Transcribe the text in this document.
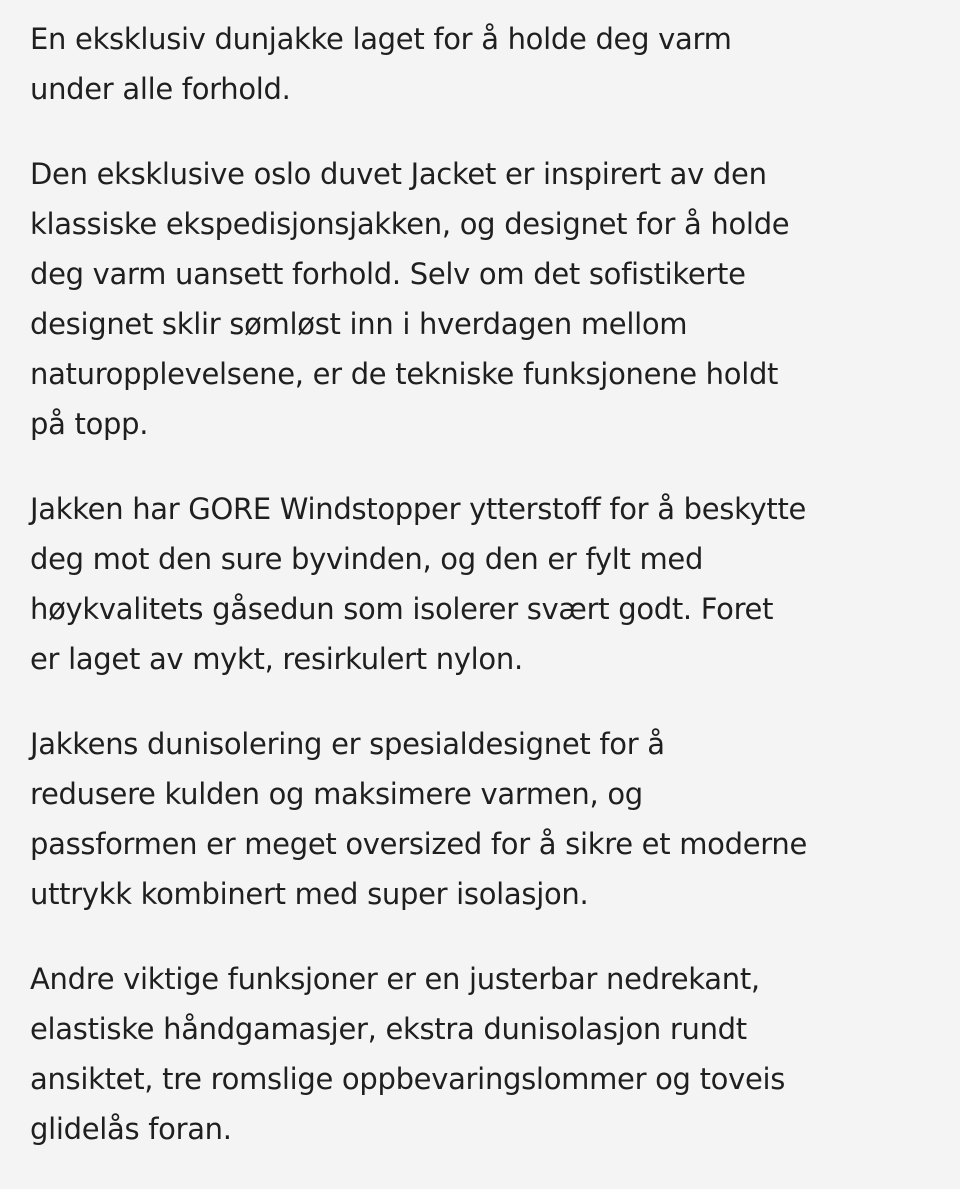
En eksklusiv dunjakke laget for å holde deg varm
under alle forhold.

Den eksklusive oslo duvet Jacket er inspirert av den
klassiske ekspedisjonsjakken, og designet for å holde
deg varm uansett forhold. Selv om det sofistikerte
designet sklir sømløst inn i hverdagen mellom
naturopplevelsene, er de tekniske funksjonene holdt
på topp.

Jakken har GORE Windstopper ytterstoff for å beskytte
deg mot den sure byvinden, og den er fylt med
høykvalitets gåsedun som isolerer svært godt. Foret
er laget av mykt, resirkulert nylon.

Jakkens dunisolering er spesialdesignet for å
redusere kulden og maksimere varmen, og
passformen er meget oversized for å sikre et moderne
uttrykk kombinert med super isolasjon.

Andre viktige funksjoner er en justerbar nedrekant,
elastiske håndgamasjer, ekstra dunisolasjon rundt
ansiktet, tre romslige oppbevaringslommer og toveis
glidelås foran.
